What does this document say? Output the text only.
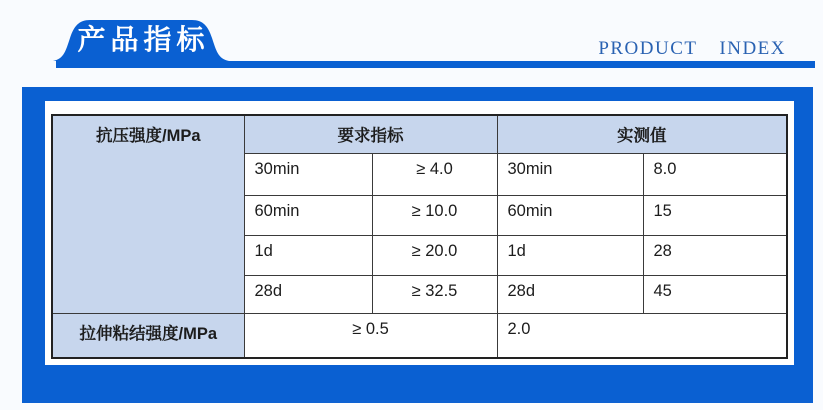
产品指标	PRODUCT INDEX
抗压强度/MPa	要求指标		实测值	
	30min	≥ 4.0	30min	8.0
	60min	≥ 10.0	60min	15
	1d	≥ 20.0	1d	28
	28d	≥ 32.5	28d	45
拉伸粘结强度/MPa	≥ 0.5		2.0	
